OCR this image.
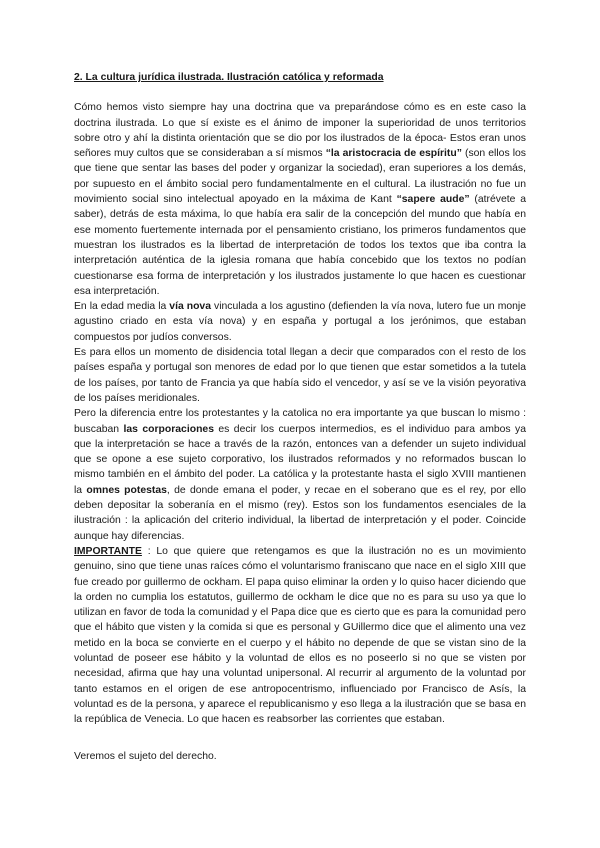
2. La cultura jurídica ilustrada. Ilustración católica y reformada

Cómo hemos visto siempre hay una doctrina que va preparándose cómo es en este caso la doctrina ilustrada. Lo que sí existe es el ánimo de imponer la superioridad de unos territorios sobre otro y ahí la distinta orientación que se dio por los ilustrados de la época- Estos eran unos señores muy cultos que se consideraban a sí mismos “la aristocracia de espíritu” (son ellos los que tiene que sentar las bases del poder y organizar la sociedad), eran superiores a los demás, por supuesto en el ámbito social pero fundamentalmente en el cultural. La ilustración no fue un movimiento social sino intelectual apoyado en la máxima de Kant “sapere aude” (atrévete a saber), detrás de esta máxima, lo que había era salir de la concepción del mundo que había en ese momento fuertemente internada por el pensamiento cristiano, los primeros fundamentos que muestran los ilustrados es la libertad de interpretación de todos los textos que iba contra la interpretación auténtica de la iglesia romana que había concebido que los textos no podían cuestionarse esa forma de interpretación y los ilustrados justamente lo que hacen es cuestionar esa interpretación.

En la edad media la vía nova vinculada a los agustino (defienden la vía nova, lutero fue un monje agustino criado en esta vía nova) y en españa y portugal a los jerónimos, que estaban compuestos por judíos conversos.

Es para ellos un momento de disidencia total llegan a decir que comparados con el resto de los países españa y portugal son menores de edad por lo que tienen que estar sometidos a la tutela de los países, por tanto de Francia ya que había sido el vencedor, y así se ve la visión peyorativa de los países meridionales.

Pero la diferencia entre los protestantes y la catolica no era importante ya que buscan lo mismo : buscaban las corporaciones es decir los cuerpos intermedios, es el individuo para ambos ya que la interpretación se hace a través de la razón, entonces van a defender un sujeto individual que se opone a ese sujeto corporativo, los ilustrados reformados y no reformados buscan lo mismo también en el ámbito del poder. La católica y la protestante hasta el siglo XVIII mantienen la omnes potestas, de donde emana el poder, y recae en el soberano que es el rey, por ello deben depositar la soberanía en el mismo (rey). Estos son los fundamentos esenciales de la ilustración : la aplicación del criterio individual, la libertad de interpretación y el poder. Coincide aunque hay diferencias.

IMPORTANTE : Lo que quiere que retengamos es que la ilustración no es un movimiento genuino, sino que tiene unas raíces cómo el voluntarismo franiscano que nace en el siglo XIII que fue creado por guillermo de ockham. El papa quiso eliminar la orden y lo quiso hacer diciendo que la orden no cumplia los estatutos, guillermo de ockham le dice que no es para su uso ya que lo utilizan en favor de toda la comunidad y el Papa dice que es cierto que es para la comunidad pero que el hábito que visten y la comida si que es personal y GUillermo dice que el alimento una vez metido en la boca se convierte en el cuerpo y el hábito no depende de que se vistan sino de la voluntad de poseer ese hábito y la voluntad de ellos es no poseerlo si no que se visten por necesidad, afirma que hay una voluntad unipersonal. Al recurrir al argumento de la voluntad por tanto estamos en el origen de ese antropocentrismo, influenciado por Francisco de Asís, la voluntad es de la persona, y aparece el republicanismo y eso llega a la ilustración que se basa en la república de Venecia. Lo que hacen es reabsorber las corrientes que estaban.

Veremos el sujeto del derecho.
